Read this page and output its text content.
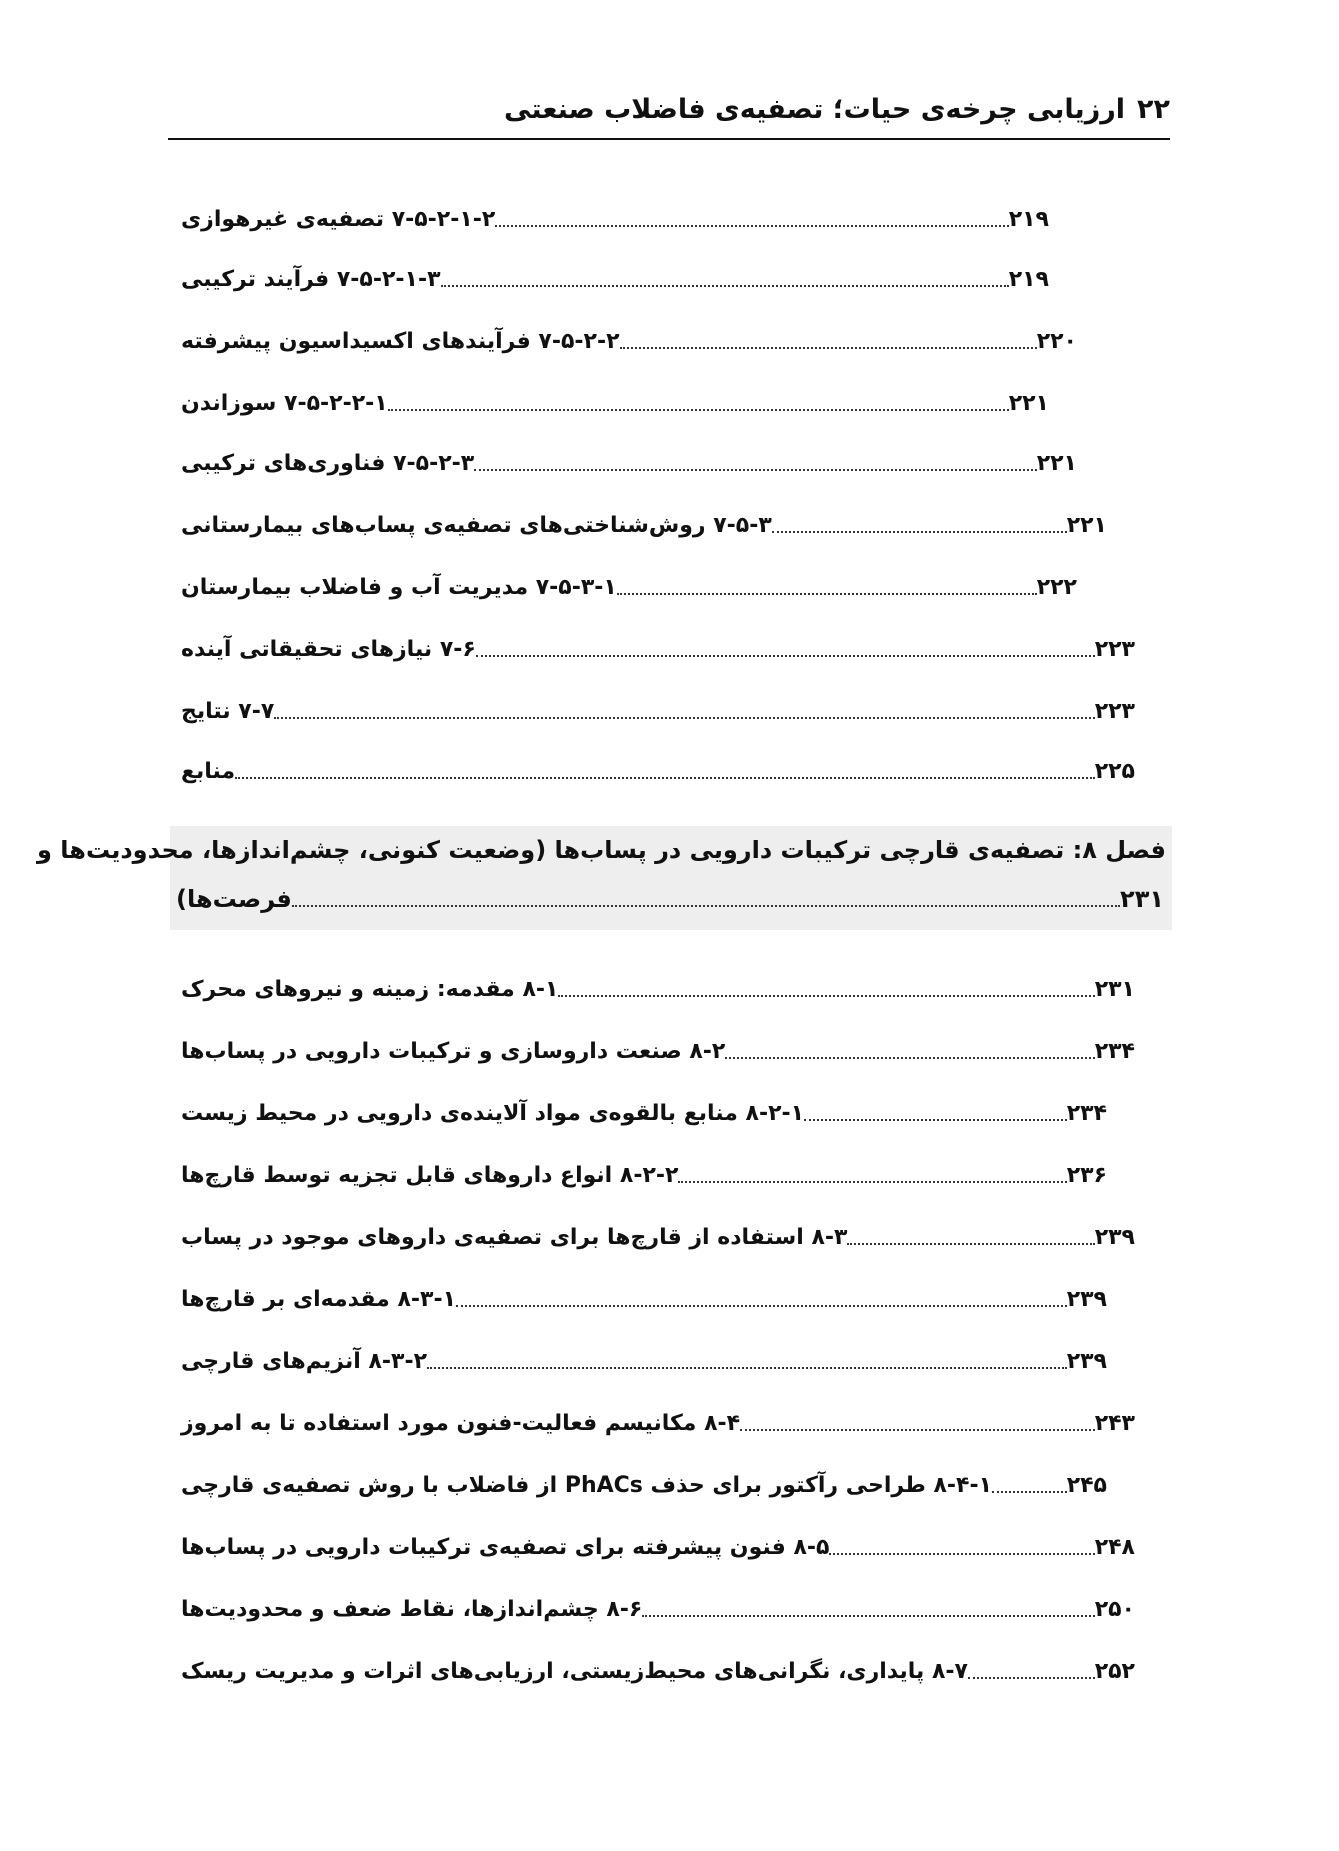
۲۲ارزیابی چرخه‌ی حیات؛ تصفیه‌ی فاضلاب صنعتی
۷-۵-۲-۱-۲ تصفیه‌ی غیرهوازی	۲۱۹
۷-۵-۲-۱-۳ فرآیند ترکیبی	۲۱۹
۷-۵-۲-۲ فرآیندهای اکسیداسیون پیشرفته	۲۲۰
۷-۵-۲-۲-۱ سوزاندن	۲۲۱
۷-۵-۲-۳ فناوری‌های ترکیبی	۲۲۱
۷-۵-۳ روش‌شناختی‌های تصفیه‌ی پساب‌های بیمارستانی	۲۲۱
۷-۵-۳-۱ مدیریت آب و فاضلاب بیمارستان	۲۲۲
۷-۶ نیازهای تحقیقاتی آینده	۲۲۳
۷-۷ نتایج	۲۲۳
منابع	۲۲۵
فصل ۸: تصفیه‌ی قارچی ترکیبات دارویی در پساب‌ها (وضعیت کنونی، چشم‌اندازها، محدودیت‌ها و
فرصت‌ها)	۲۳۱
۸-۱ مقدمه: زمینه و نیروهای محرک	۲۳۱
۸-۲ صنعت داروسازی و ترکیبات دارویی در پساب‌ها	۲۳۴
۸-۲-۱ منابع بالقوه‌ی مواد آلاینده‌ی دارویی در محیط زیست	۲۳۴
۸-۲-۲ انواع داروهای قابل تجزیه توسط قارچ‌ها	۲۳۶
۸-۳ استفاده از قارچ‌ها برای تصفیه‌ی داروهای موجود در پساب	۲۳۹
۸-۳-۱ مقدمه‌ای بر قارچ‌ها	۲۳۹
۸-۳-۲ آنزیم‌های قارچی	۲۳۹
۸-۴ مکانیسم فعالیت-فنون مورد استفاده تا به امروز	۲۴۳
۸-۴-۱ طراحی رآکتور برای حذف PhACs از فاضلاب با روش تصفیه‌ی قارچی	۲۴۵
۸-۵ فنون پیشرفته برای تصفیه‌ی ترکیبات دارویی در پساب‌ها	۲۴۸
۸-۶ چشم‌اندازها، نقاط ضعف و محدودیت‌ها	۲۵۰
۸-۷ پایداری، نگرانی‌های محیط‌زیستی، ارزیابی‌های اثرات و مدیریت ریسک	۲۵۲
